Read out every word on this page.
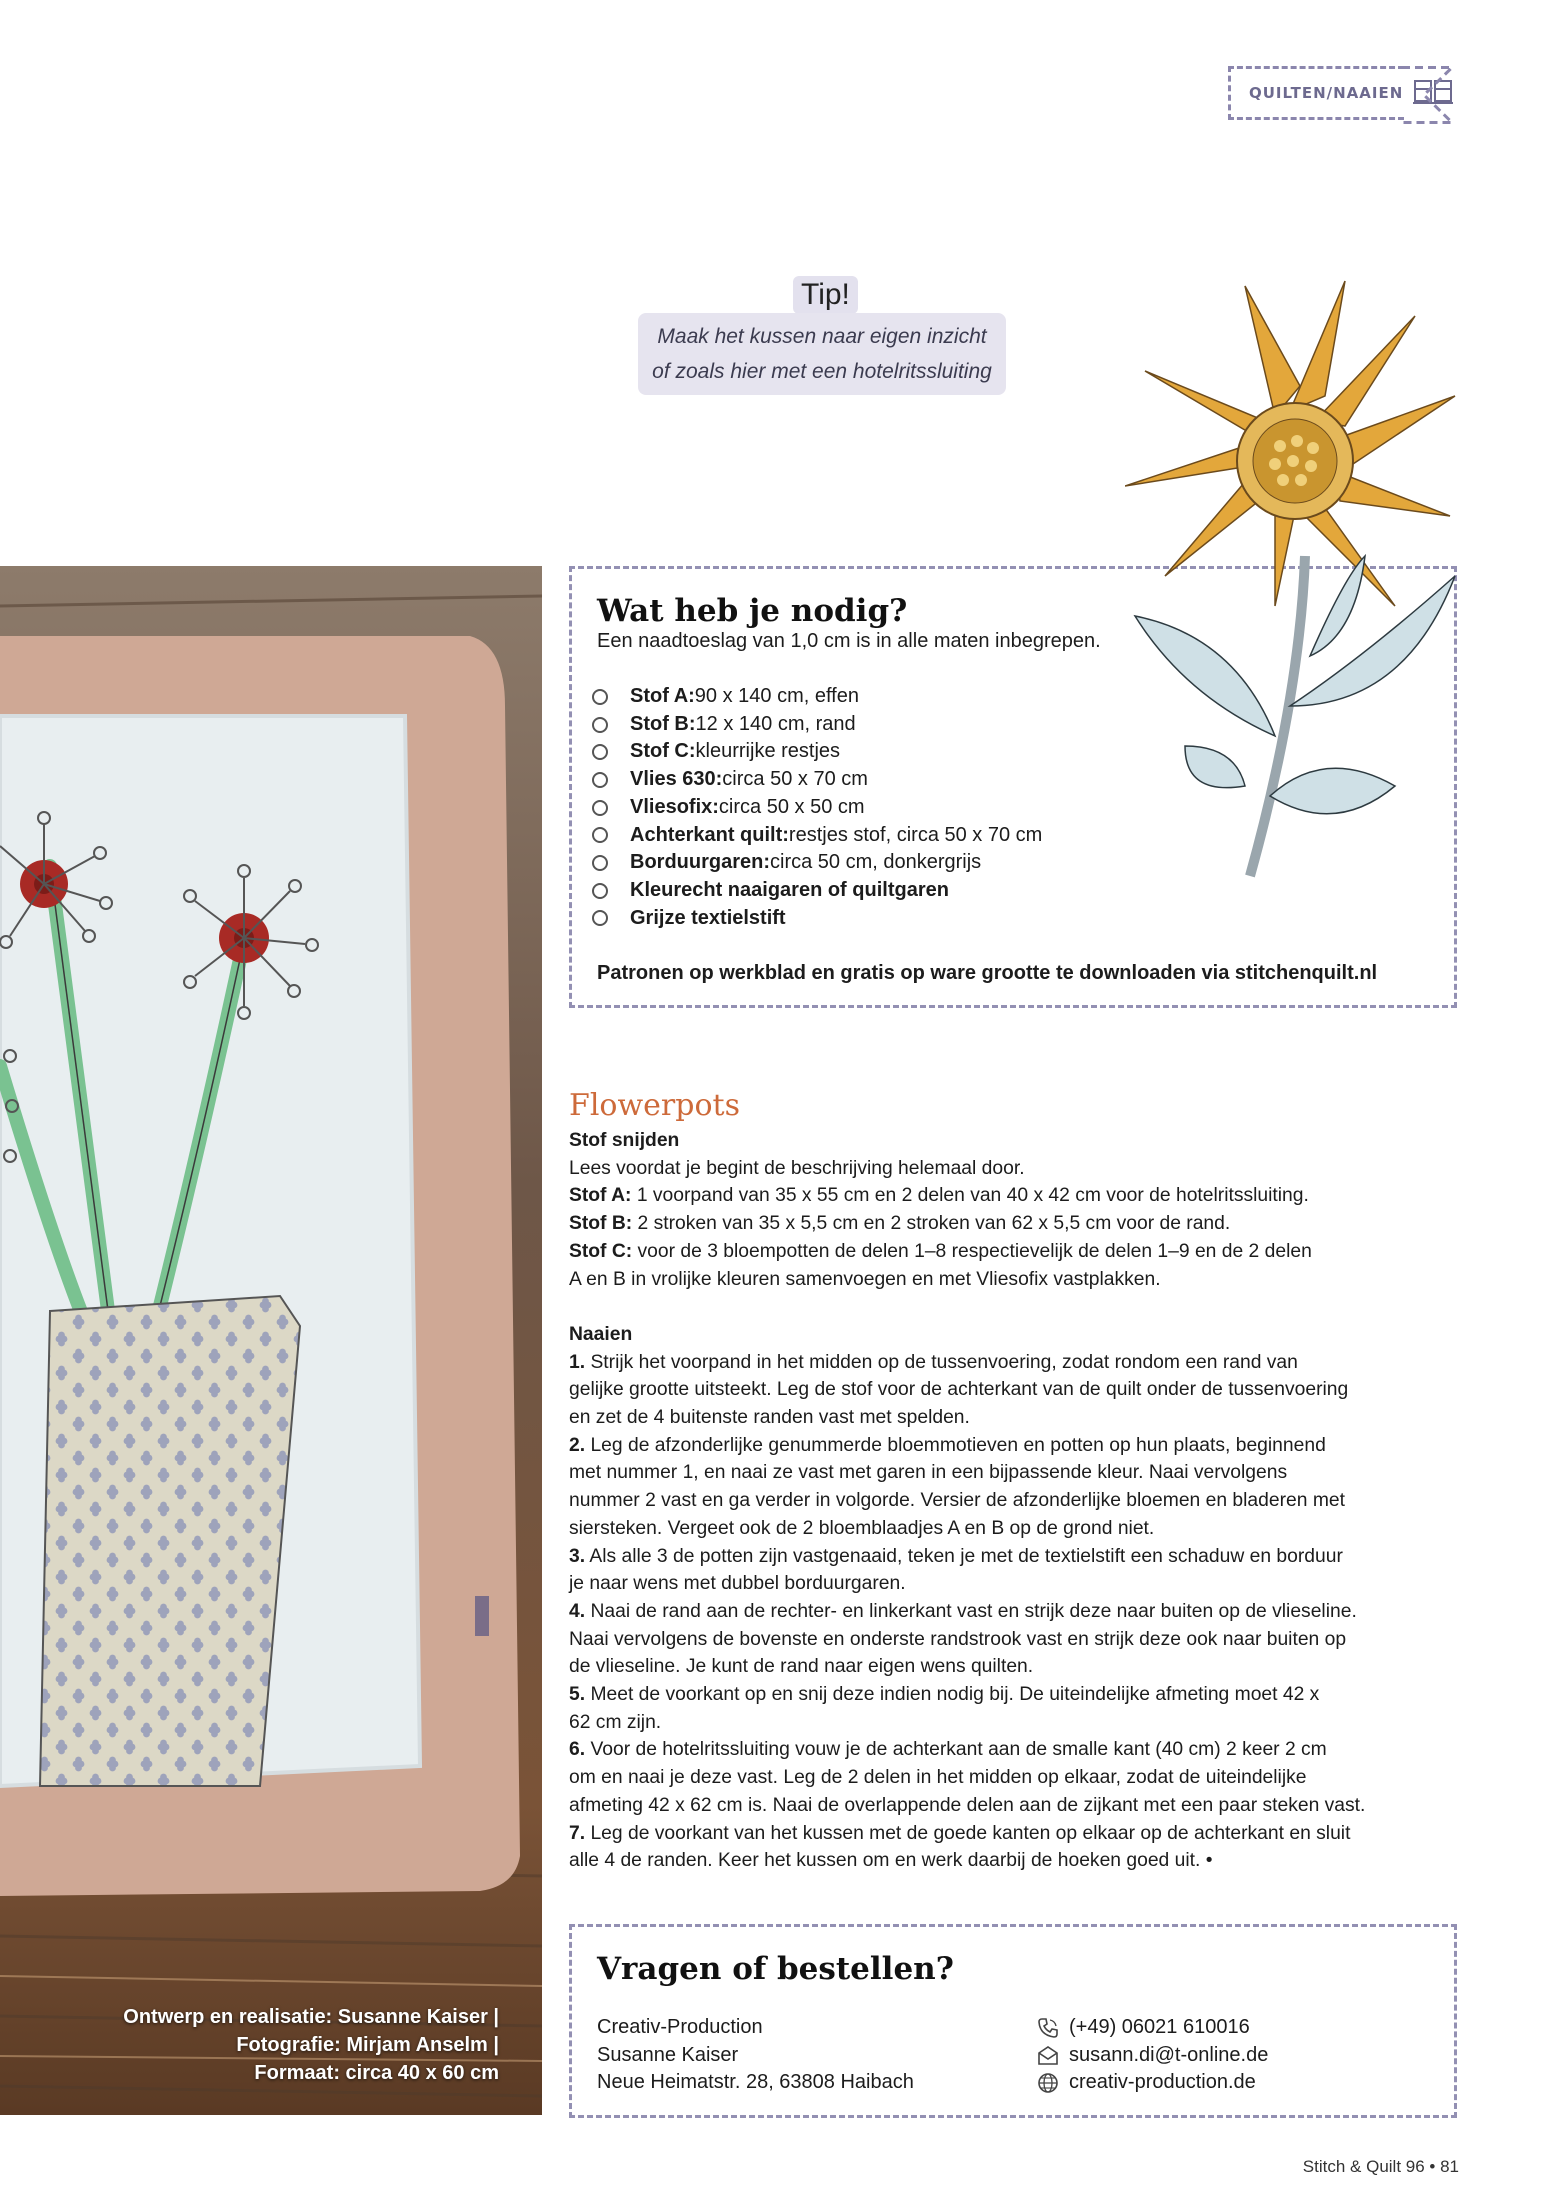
QUILTEN/NAAIEN
Tip!
Maak het kussen naar eigen inzicht
of zoals hier met een hotelritssluiting
Ontwerp en realisatie: Susanne Kaiser |
Fotografie: Mirjam Anselm |
Formaat: circa 40 x 60 cm
Wat heb je nodig?
Een naadtoeslag van 1,0 cm is in alle maten inbegrepen.
Stof A: 90 x 140 cm, effen
Stof B: 12 x 140 cm, rand
Stof C: kleurrijke restjes
Vlies 630: circa 50 x 70 cm
Vliesofix: circa 50 x 50 cm
Achterkant quilt: restjes stof, circa 50 x 70 cm
Borduurgaren: circa 50 cm, donkergrijs
Kleurecht naaigaren of quiltgaren
Grijze textielstift
Patronen op werkblad en gratis op ware grootte te downloaden via stitchenquilt.nl
Flowerpots

Stof snijden

Lees voordat je begint de beschrijving helemaal door.

Stof A: 1 voorpand van 35 x 55 cm en 2 delen van 40 x 42 cm voor de hotelritssluiting.

Stof B: 2 stroken van 35 x 5,5 cm en 2 stroken van 62 x 5,5 cm voor de rand.

Stof C: voor de 3 bloempotten de delen 1–8 respectievelijk de delen 1–9 en de 2 delen
A en B in vrolijke kleuren samenvoegen en met Vliesofix vastplakken.

Naaien

1. Strijk het voorpand in het midden op de tussenvoering, zodat rondom een rand van
gelijke grootte uitsteekt. Leg de stof voor de achterkant van de quilt onder de tussenvoering
en zet de 4 buitenste randen vast met spelden.

2. Leg de afzonderlijke genummerde bloemmotieven en potten op hun plaats, beginnend
met nummer 1, en naai ze vast met garen in een bijpassende kleur. Naai vervolgens
nummer 2 vast en ga verder in volgorde. Versier de afzonderlijke bloemen en bladeren met
siersteken. Vergeet ook de 2 bloemblaadjes A en B op de grond niet.

3. Als alle 3 de potten zijn vastgenaaid, teken je met de textielstift een schaduw en borduur
je naar wens met dubbel borduurgaren.

4. Naai de rand aan de rechter- en linkerkant vast en strijk deze naar buiten op de vlieseline.
Naai vervolgens de bovenste en onderste randstrook vast en strijk deze ook naar buiten op
de vlieseline. Je kunt de rand naar eigen wens quilten.

5. Meet de voorkant op en snij deze indien nodig bij. De uiteindelijke afmeting moet 42 x
62 cm zijn.

6. Voor de hotelritssluiting vouw je de achterkant aan de smalle kant (40 cm) 2 keer 2 cm
om en naai je deze vast. Leg de 2 delen in het midden op elkaar, zodat de uiteindelijke
afmeting 42 x 62 cm is. Naai de overlappende delen aan de zijkant met een paar steken vast.

7. Leg de voorkant van het kussen met de goede kanten op elkaar op de achterkant en sluit
alle 4 de randen. Keer het kussen om en werk daarbij de hoeken goed uit. •

Vragen of bestellen?
Creativ-Production
Susanne Kaiser
Neue Heimatstr. 28, 63808 Haibach
(+49) 06021 610016
susann.di@t-online.de
creativ-production.de
Stitch & Quilt 96 • 81
